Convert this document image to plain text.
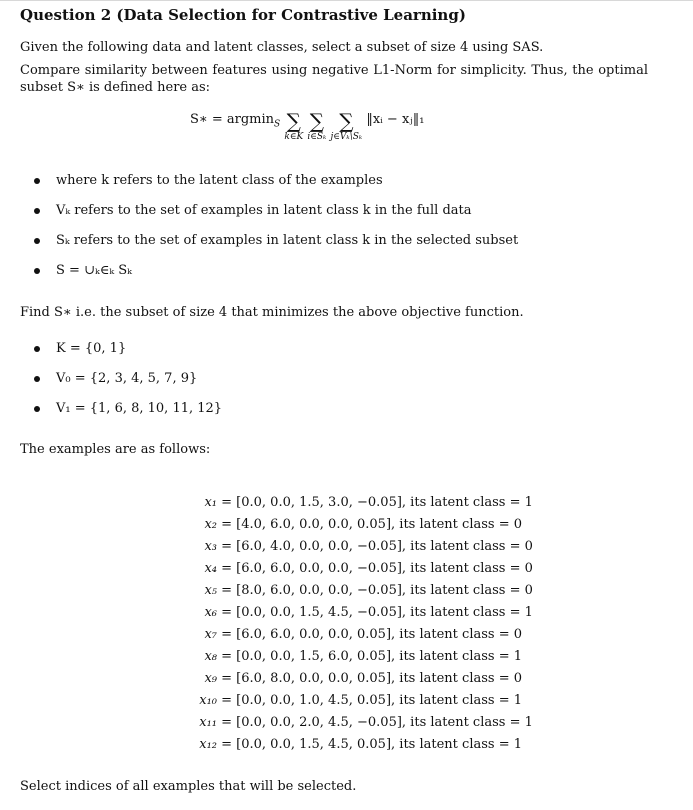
Question 2 (Data Selection for Contrastive Learning)
Given the following data and latent classes, select a subset of size 4 using SAS.
Compare similarity between features using negative L1-Norm for simplicity. Thus, the optimal subset S∗ is defined here as:
S∗ = argmin$_S$ ∑
k∈K

∑
i∈Sₖ

∑
j∈Vₖ\Sₖ
‖xᵢ − xⱼ‖₁
where k refers to the latent class of the examples
Vₖ refers to the set of examples in latent class k in the full data
Sₖ refers to the set of examples in latent class k in the selected subset
S = ∪ₖ∈ₖ Sₖ
Find S∗ i.e. the subset of size 4 that minimizes the above objective function.
K = {0, 1}
V₀ = {2, 3, 4, 5, 7, 9}
V₁ = {1, 6, 8, 10, 11, 12}
The examples are as follows:
x₁ = [0.0, 0.0, 1.5, 3.0, −0.05], its latent class = 1
x₂ = [4.0, 6.0, 0.0, 0.0, 0.05], its latent class = 0
x₃ = [6.0, 4.0, 0.0, 0.0, −0.05], its latent class = 0
x₄ = [6.0, 6.0, 0.0, 0.0, −0.05], its latent class = 0
x₅ = [8.0, 6.0, 0.0, 0.0, −0.05], its latent class = 0
x₆ = [0.0, 0.0, 1.5, 4.5, −0.05], its latent class = 1
x₇ = [6.0, 6.0, 0.0, 0.0, 0.05], its latent class = 0
x₈ = [0.0, 0.0, 1.5, 6.0, 0.05], its latent class = 1
x₉ = [6.0, 8.0, 0.0, 0.0, 0.05], its latent class = 0
x₁₀ = [0.0, 0.0, 1.0, 4.5, 0.05], its latent class = 1
x₁₁ = [0.0, 0.0, 2.0, 4.5, −0.05], its latent class = 1
x₁₂ = [0.0, 0.0, 1.5, 4.5, 0.05], its latent class = 1
Select indices of all examples that will be selected.
